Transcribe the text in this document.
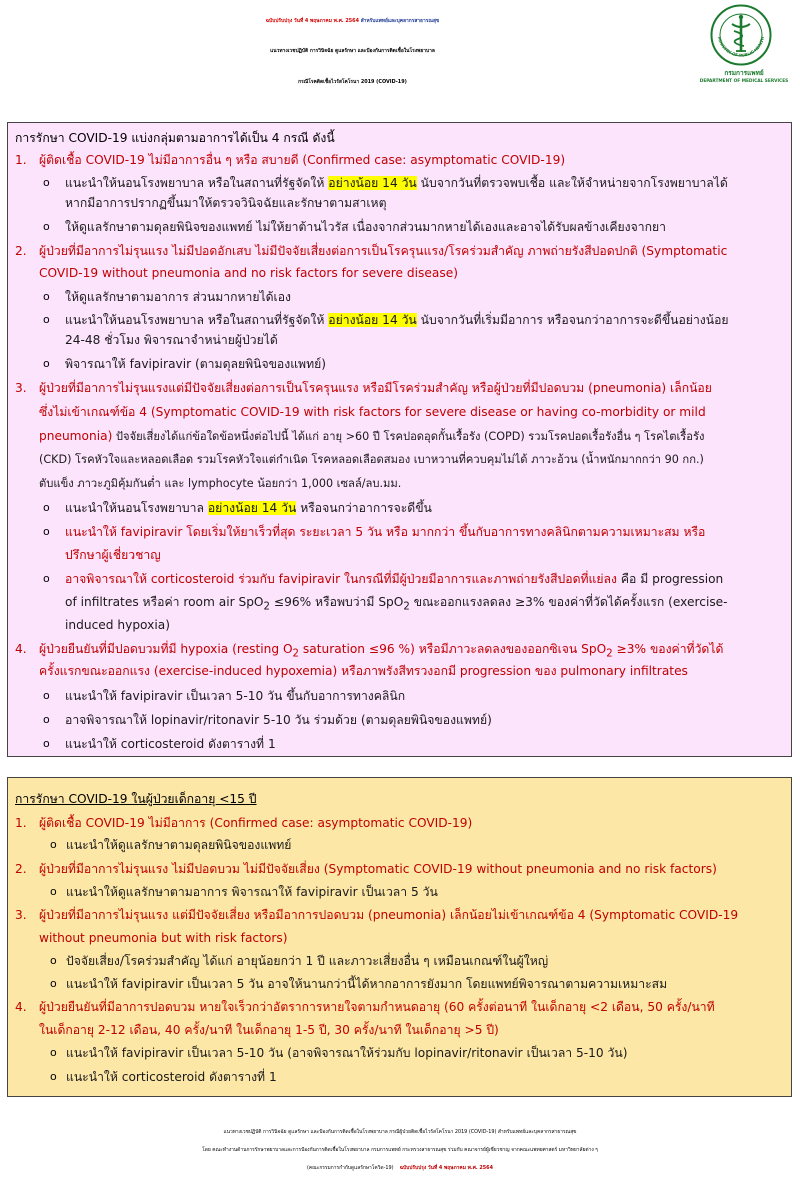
ฉบับปรับปรุง วันที่ 4 พฤษภาคม พ.ศ. 2564 สำหรับแพทย์และบุคลากรสาธารณสุข
แนวทางเวชปฏิบัติ การวินิจฉัย ดูแลรักษา และป้องกันการติดเชื้อในโรงพยาบาล
กรณีโรคติดเชื้อไวรัสโคโรนา 2019 (COVID-19)
MINISTRY OF PUBLIC HEALTH
กรมการแพทย์
DEPARTMENT OF MEDICAL SERVICES
การรักษา COVID-19 แบ่งกลุ่มตามอาการได้เป็น 4 กรณี ดังนี้
1. ผู้ติดเชื้อ COVID-19 ไม่มีอาการอื่น ๆ หรือ สบายดี (Confirmed case: asymptomatic COVID-19)
o แนะนำให้นอนโรงพยาบาล หรือในสถานที่รัฐจัดให้ อย่างน้อย 14 วัน นับจากวันที่ตรวจพบเชื้อ และให้จำหน่ายจากโรงพยาบาลได้
หากมีอาการปรากฏขึ้นมาให้ตรวจวินิจฉัยและรักษาตามสาเหตุ
o ให้ดูแลรักษาตามดุลยพินิจของแพทย์ ไม่ให้ยาต้านไวรัส เนื่องจากส่วนมากหายได้เองและอาจได้รับผลข้างเคียงจากยา
2. ผู้ป่วยที่มีอาการไม่รุนแรง ไม่มีปอดอักเสบ ไม่มีปัจจัยเสี่ยงต่อการเป็นโรครุนแรง/โรคร่วมสำคัญ ภาพถ่ายรังสีปอดปกติ (Symptomatic
COVID-19 without pneumonia and no risk factors for severe disease)
o ให้ดูแลรักษาตามอาการ ส่วนมากหายได้เอง
o แนะนำให้นอนโรงพยาบาล หรือในสถานที่รัฐจัดให้ อย่างน้อย 14 วัน นับจากวันที่เริ่มมีอาการ หรือจนกว่าอาการจะดีขึ้นอย่างน้อย
24-48 ชั่วโมง พิจารณาจำหน่ายผู้ป่วยได้
o พิจารณาให้ favipiravir (ตามดุลยพินิจของแพทย์)
3. ผู้ป่วยที่มีอาการไม่รุนแรงแต่มีปัจจัยเสี่ยงต่อการเป็นโรครุนแรง หรือมีโรคร่วมสำคัญ หรือผู้ป่วยที่มีปอดบวม (pneumonia) เล็กน้อย
ซึ่งไม่เข้าเกณฑ์ข้อ 4 (Symptomatic COVID-19 with risk factors for severe disease or having co-morbidity or mild
pneumonia) ปัจจัยเสี่ยงได้แก่ข้อใดข้อหนึ่งต่อไปนี้ ได้แก่ อายุ >60 ปี โรคปอดอุดกั้นเรื้อรัง (COPD) รวมโรคปอดเรื้อรังอื่น ๆ โรคไตเรื้อรัง
(CKD) โรคหัวใจและหลอดเลือด รวมโรคหัวใจแต่กำเนิด โรคหลอดเลือดสมอง เบาหวานที่ควบคุมไม่ได้ ภาวะอ้วน (น้ำหนักมากกว่า 90 กก.)
ตับแข็ง ภาวะภูมิคุ้มกันต่ำ และ lymphocyte น้อยกว่า 1,000 เซลล์/ลบ.มม.
o แนะนำให้นอนโรงพยาบาล อย่างน้อย 14 วัน หรือจนกว่าอาการจะดีขึ้น
o แนะนำให้ favipiravir โดยเริ่มให้ยาเร็วที่สุด ระยะเวลา 5 วัน หรือ มากกว่า ขึ้นกับอาการทางคลินิกตามความเหมาะสม หรือ
ปรึกษาผู้เชี่ยวชาญ
o อาจพิจารณาให้ corticosteroid ร่วมกับ favipiravir ในกรณีที่มีผู้ป่วยมีอาการและภาพถ่ายรังสีปอดที่แย่ลง คือ มี progression
of infiltrates หรือค่า room air SpO$_2$ ≤96% หรือพบว่ามี SpO$_2$ ขณะออกแรงลดลง ≥3% ของค่าที่วัดได้ครั้งแรก (exercise-
induced hypoxia)
4. ผู้ป่วยยืนยันที่มีปอดบวมที่มี hypoxia (resting $O_2$ saturation ≤96 %) หรือมีภาวะลดลงของออกซิเจน SpO$_2$ ≥3% ของค่าที่วัดได้
ครั้งแรกขณะออกแรง (exercise-induced hypoxemia) หรือภาพรังสีทรวงอกมี progression ของ pulmonary infiltrates
o แนะนำให้ favipiravir เป็นเวลา 5-10 วัน ขึ้นกับอาการทางคลินิก
o อาจพิจารณาให้ lopinavir/ritonavir 5-10 วัน ร่วมด้วย (ตามดุลยพินิจของแพทย์)
o แนะนำให้ corticosteroid ดังตารางที่ 1
การรักษา COVID-19 ในผู้ป่วยเด็กอายุ <15 ปี
1. ผู้ติดเชื้อ COVID-19 ไม่มีอาการ (Confirmed case: asymptomatic COVID-19)
o แนะนำให้ดูแลรักษาตามดุลยพินิจของแพทย์
2. ผู้ป่วยที่มีอาการไม่รุนแรง ไม่มีปอดบวม ไม่มีปัจจัยเสี่ยง (Symptomatic COVID-19 without pneumonia and no risk factors)
o แนะนำให้ดูแลรักษาตามอาการ พิจารณาให้ favipiravir เป็นเวลา 5 วัน
3. ผู้ป่วยที่มีอาการไม่รุนแรง แต่มีปัจจัยเสี่ยง หรือมีอาการปอดบวม (pneumonia) เล็กน้อยไม่เข้าเกณฑ์ข้อ 4 (Symptomatic COVID-19
without pneumonia but with risk factors)
o ปัจจัยเสี่ยง/โรคร่วมสำคัญ ได้แก่ อายุน้อยกว่า 1 ปี และภาวะเสี่ยงอื่น ๆ เหมือนเกณฑ์ในผู้ใหญ่
o แนะนำให้ favipiravir เป็นเวลา 5 วัน อาจให้นานกว่านี้ได้หากอาการยังมาก โดยแพทย์พิจารณาตามความเหมาะสม
4. ผู้ป่วยยืนยันที่มีอาการปอดบวม หายใจเร็วกว่าอัตราการหายใจตามกำหนดอายุ (60 ครั้งต่อนาที ในเด็กอายุ <2 เดือน, 50 ครั้ง/นาที
ในเด็กอายุ 2-12 เดือน, 40 ครั้ง/นาที ในเด็กอายุ 1-5 ปี, 30 ครั้ง/นาที ในเด็กอายุ >5 ปี)
o แนะนำให้ favipiravir เป็นเวลา 5-10 วัน (อาจพิจารณาให้ร่วมกับ lopinavir/ritonavir เป็นเวลา 5-10 วัน)
o แนะนำให้ corticosteroid ดังตารางที่ 1
แนวทางเวชปฏิบัติ การวินิจฉัย ดูแลรักษา และป้องกันการติดเชื้อในโรงพยาบาล กรณีผู้ป่วยติดเชื้อไวรัสโคโรนา 2019 (COVID-19) สำหรับแพทย์และบุคลากรสาธารณสุข
โดย คณะทำงานด้านการรักษาพยาบาลและการป้องกันการติดเชื้อในโรงพยาบาล กรมการแพทย์ กระทรวงสาธารณสุข ร่วมกับ คณาจารย์ผู้เชี่ยวชาญ จากคณะแพทยศาสตร์ มหาวิทยาลัยต่าง ๆ
(คณะกรรมการกำกับดูแลรักษาโควิด-19) ฉบับปรับปรุง วันที่ 4 พฤษภาคม พ.ศ. 2564
